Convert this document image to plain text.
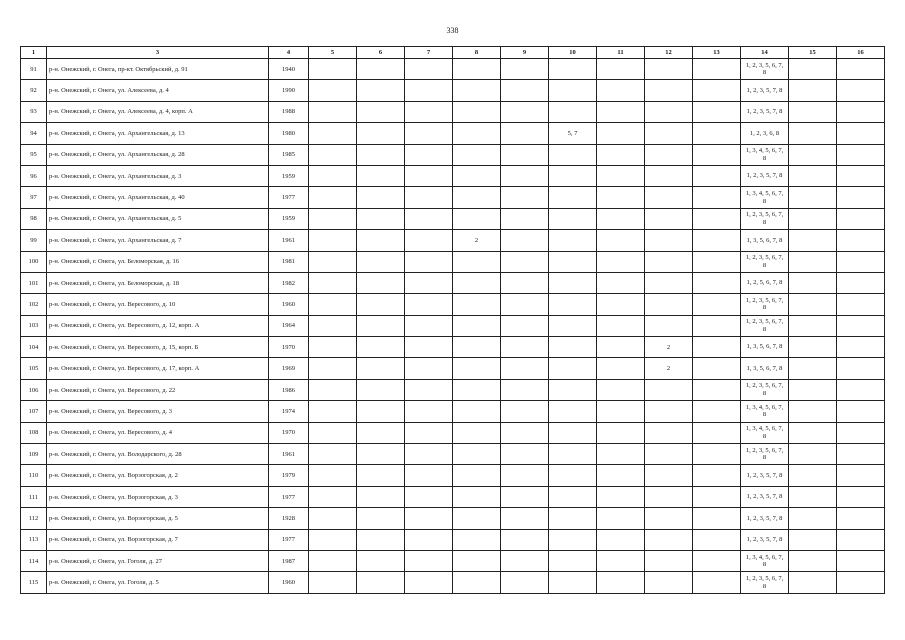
338
1	3	4	5	6	7	8	9	10	11	12	13	14	15	16
91	р-н. Онежский, г. Онега, пр-кт. Октябрьский, д. 91	1940										1, 2, 3, 5, 6, 7, 8		
92	р-н. Онежский, г. Онега, ул. Алексеева, д. 4	1990										1, 2, 3, 5, 7, 8		
93	р-н. Онежский, г. Онега, ул. Алексеева, д. 4, корп. А	1988										1, 2, 3, 5, 7, 8		
94	р-н. Онежский, г. Онега, ул. Архангельская, д. 13	1980						5, 7				1, 2, 3, 6, 8		
95	р-н. Онежский, г. Онега, ул. Архангельская, д. 28	1985										1, 3, 4, 5, 6, 7, 8		
96	р-н. Онежский, г. Онега, ул. Архангельская, д. 3	1959										1, 2, 3, 5, 7, 8		
97	р-н. Онежский, г. Онега, ул. Архангельская, д. 40	1977										1, 3, 4, 5, 6, 7, 8		
98	р-н. Онежский, г. Онега, ул. Архангельская, д. 5	1959										1, 2, 3, 5, 6, 7, 8		
99	р-н. Онежский, г. Онега, ул. Архангельская, д. 7	1961				2						1, 3, 5, 6, 7, 8		
100	р-н. Онежский, г. Онега, ул. Беломорская, д. 16	1981										1, 2, 3, 5, 6, 7, 8		
101	р-н. Онежский, г. Онега, ул. Беломорская, д. 18	1982										1, 2, 5, 6, 7, 8		
102	р-н. Онежский, г. Онега, ул. Вересового, д. 10	1960										1, 2, 3, 5, 6, 7, 8		
103	р-н. Онежский, г. Онега, ул. Вересового, д. 12, корп. А	1964										1, 2, 3, 5, 6, 7, 8		
104	р-н. Онежский, г. Онега, ул. Вересового, д. 15, корп. Б	1970								2		1, 3, 5, 6, 7, 8		
105	р-н. Онежский, г. Онега, ул. Вересового, д. 17, корп. А	1969								2		1, 3, 5, 6, 7, 8		
106	р-н. Онежский, г. Онега, ул. Вересового, д. 22	1986										1, 2, 3, 5, 6, 7, 8		
107	р-н. Онежский, г. Онега, ул. Вересового, д. 3	1974										1, 3, 4, 5, 6, 7, 8		
108	р-н. Онежский, г. Онега, ул. Вересового, д. 4	1970										1, 3, 4, 5, 6, 7, 8		
109	р-н. Онежский, г. Онега, ул. Володарского, д. 28	1961										1, 2, 3, 5, 6, 7, 8		
110	р-н. Онежский, г. Онега, ул. Ворзогорская, д. 2	1979										1, 2, 3, 5, 7, 8		
111	р-н. Онежский, г. Онега, ул. Ворзогорская, д. 3	1977										1, 2, 3, 5, 7, 8		
112	р-н. Онежский, г. Онега, ул. Ворзогорская, д. 5	1928										1, 2, 3, 5, 7, 8		
113	р-н. Онежский, г. Онега, ул. Ворзогорская, д. 7	1977										1, 2, 3, 5, 7, 8		
114	р-н. Онежский, г. Онега, ул. Гоголя, д. 27	1987										1, 3, 4, 5, 6, 7, 8		
115	р-н. Онежский, г. Онега, ул. Гоголя, д. 5	1960										1, 2, 3, 5, 6, 7, 8		
